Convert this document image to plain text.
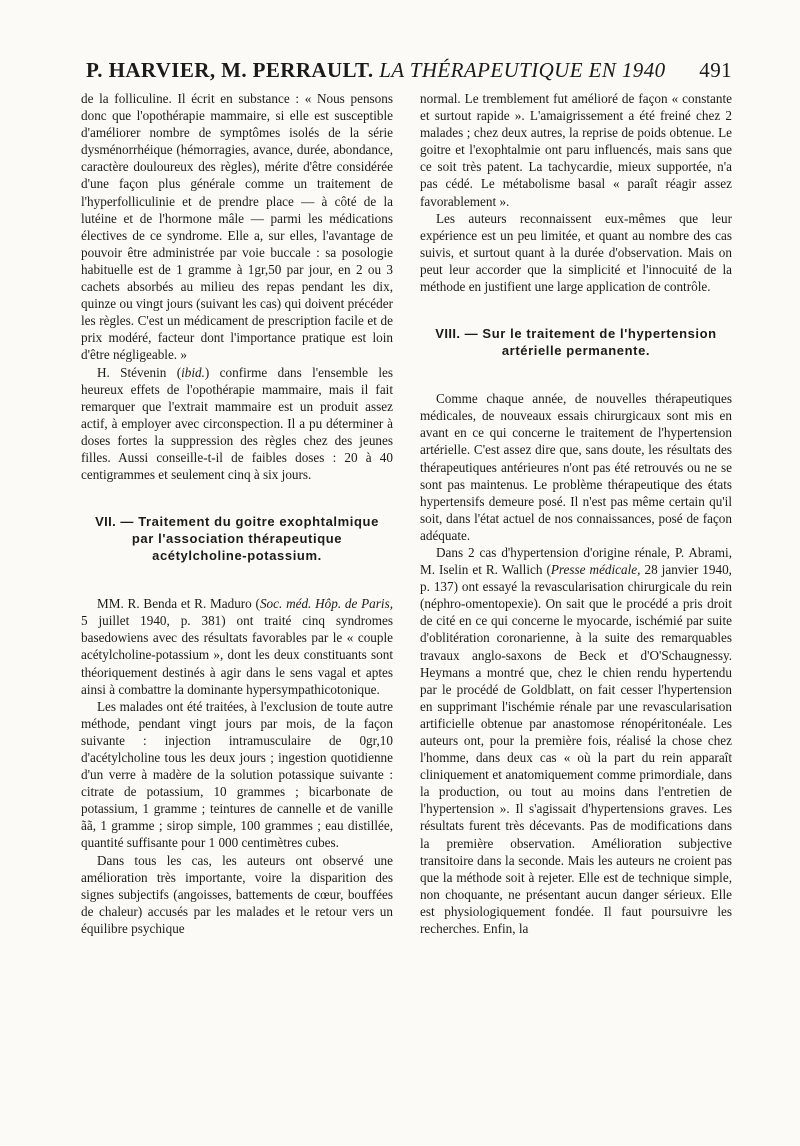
P. HARVIER, M. PERRAULT. LA THÉRAPEUTIQUE EN 1940 491

de la folliculine. Il écrit en substance : « Nous pensons donc que l'opothérapie mammaire, si elle est susceptible d'améliorer nombre de symptômes isolés de la série dysménorrhéique (hémorragies, avance, durée, abondance, caractère douloureux des règles), mérite d'être considérée d'une façon plus générale comme un traitement de l'hyperfolliculinie et de prendre place — à côté de la lutéine et de l'hormone mâle — parmi les médications électives de ce syndrome. Elle a, sur elles, l'avantage de pouvoir être administrée par voie buccale : sa posologie habituelle est de 1 gramme à 1gr,50 par jour, en 2 ou 3 cachets absorbés au milieu des repas pendant les dix, quinze ou vingt jours (suivant les cas) qui doivent précéder les règles. C'est un médicament de prescription facile et de prix modéré, facteur dont l'importance pratique est loin d'être négligeable. »

H. Stévenin (ibid.) confirme dans l'ensemble les heureux effets de l'opothérapie mammaire, mais il fait remarquer que l'extrait mammaire est un produit assez actif, à employer avec circonspection. Il a pu déterminer à doses fortes la suppression des règles chez des jeunes filles. Aussi conseille-t-il de faibles doses : 20 à 40 centigrammes et seulement cinq à six jours.

VII. — Traitement du goitre exophtalmique par l'association thérapeutique acétylcholine-potassium.

MM. R. Benda et R. Maduro (Soc. méd. Hôp. de Paris, 5 juillet 1940, p. 381) ont traité cinq syndromes basedowiens avec des résultats favorables par le « couple acétylcholine-potassium », dont les deux constituants sont théoriquement destinés à agir dans le sens vagal et aptes ainsi à combattre la dominante hypersympathicotonique.

Les malades ont été traitées, à l'exclusion de toute autre méthode, pendant vingt jours par mois, de la façon suivante : injection intramusculaire de 0gr,10 d'acétylcholine tous les deux jours ; ingestion quotidienne d'un verre à madère de la solution potassique suivante : citrate de potassium, 10 grammes ; bicarbonate de potassium, 1 gramme ; teintures de cannelle et de vanille ãã, 1 gramme ; sirop simple, 100 grammes ; eau distillée, quantité suffisante pour 1 000 centimètres cubes.

Dans tous les cas, les auteurs ont observé une amélioration très importante, voire la disparition des signes subjectifs (angoisses, battements de cœur, bouffées de chaleur) accusés par les malades et le retour vers un équilibre psychique

normal. Le tremblement fut amélioré de façon « constante et surtout rapide ». L'amaigrissement a été freiné chez 2 malades ; chez deux autres, la reprise de poids obtenue. Le goitre et l'exophtalmie ont paru influencés, mais sans que ce soit très patent. La tachycardie, mieux supportée, n'a pas cédé. Le métabolisme basal « paraît réagir assez favorablement ».

Les auteurs reconnaissent eux-mêmes que leur expérience est un peu limitée, et quant au nombre des cas suivis, et surtout quant à la durée d'observation. Mais on peut leur accorder que la simplicité et l'innocuité de la méthode en justifient une large application de contrôle.

VIII. — Sur le traitement de l'hypertension artérielle permanente.

Comme chaque année, de nouvelles thérapeutiques médicales, de nouveaux essais chirurgicaux sont mis en avant en ce qui concerne le traitement de l'hypertension artérielle. C'est assez dire que, sans doute, les résultats des thérapeutiques antérieures n'ont pas été retrouvés ou ne se sont pas maintenus. Le problème thérapeutique des états hypertensifs demeure posé. Il n'est pas même certain qu'il soit, dans l'état actuel de nos connaissances, posé de façon adéquate.

Dans 2 cas d'hypertension d'origine rénale, P. Abrami, M. Iselin et R. Wallich (Presse médicale, 28 janvier 1940, p. 137) ont essayé la revascularisation chirurgicale du rein (néphro-omentopexie). On sait que le procédé a pris droit de cité en ce qui concerne le myocarde, ischémié par suite d'oblitération coronarienne, à la suite des remarquables travaux anglo-saxons de Beck et d'O'Schaugnessy. Heymans a montré que, chez le chien rendu hypertendu par le procédé de Goldblatt, on fait cesser l'hypertension en supprimant l'ischémie rénale par une revascularisation artificielle obtenue par anastomose rénopéritonéale. Les auteurs ont, pour la première fois, réalisé la chose chez l'homme, dans deux cas « où la part du rein apparaît cliniquement et anatomiquement comme primordiale, dans la production, ou tout au moins dans l'entretien de l'hypertension ». Il s'agissait d'hypertensions graves. Les résultats furent très décevants. Pas de modifications dans la première observation. Amélioration subjective transitoire dans la seconde. Mais les auteurs ne croient pas que la méthode soit à rejeter. Elle est de technique simple, non choquante, ne présentant aucun danger sérieux. Elle est physiologiquement fondée. Il faut poursuivre les recherches. Enfin, la
